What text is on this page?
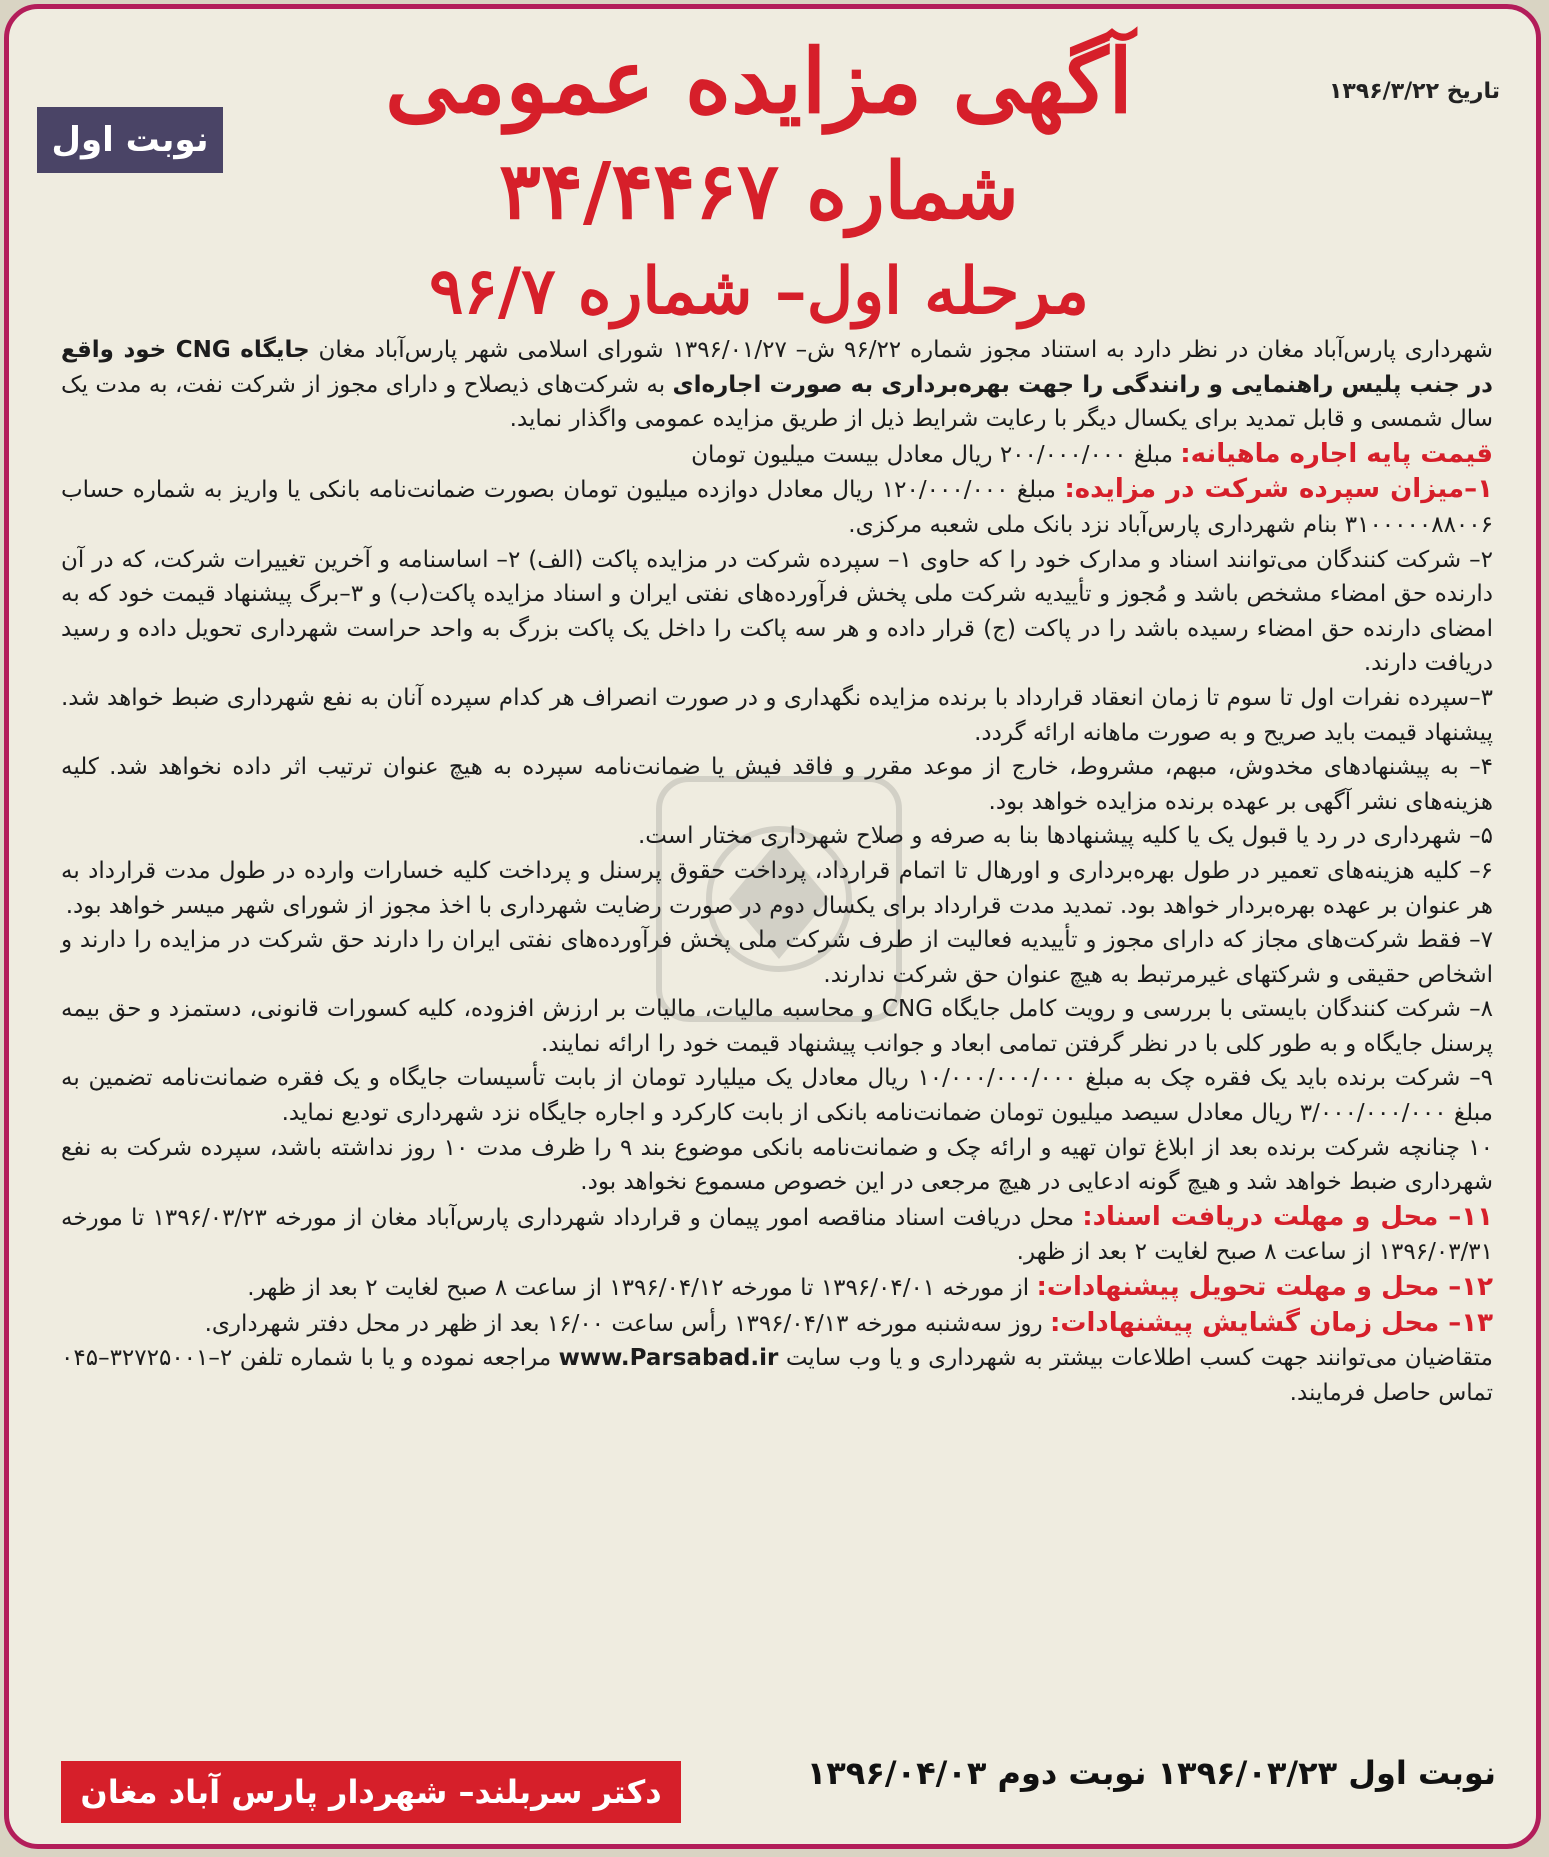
تاریخ ۱۳۹۶/۳/۲۲
نوبت اول
آگهی مزایده عمومی
شماره ۳۴/۴۴۶۷
مرحله اول– شماره ۹۶/۷

شهرداری پارس‌آباد مغان در نظر دارد به استناد مجوز شماره ۹۶/۲۲ ش– ۱۳۹۶/۰۱/۲۷ شورای اسلامی شهر پارس‌آباد مغان جایگاه CNG خود واقع در جنب پلیس راهنمایی و رانندگی را جهت بهره‌برداری به صورت اجاره‌ای به شرکت‌های ذیصلاح و دارای مجوز از شرکت نفت، به مدت یک سال شمسی و قابل تمدید برای یکسال دیگر با رعایت شرایط ذیل از طریق مزایده عمومی واگذار نماید.

قیمت پایه اجاره ماهیانه: مبلغ ۲۰۰/۰۰۰/۰۰۰ ریال معادل بیست میلیون تومان

۱–میزان سپرده شرکت در مزایده: مبلغ ۱۲۰/۰۰۰/۰۰۰ ریال معادل دوازده میلیون تومان بصورت ضمانت‌نامه بانکی یا واریز به شماره حساب ۳۱۰۰۰۰۰۸۸۰۰۶ بنام شهرداری پارس‌آباد نزد بانک ملی شعبه مرکزی.

۲– شرکت کنندگان می‌توانند اسناد و مدارک خود را که حاوی ۱– سپرده شرکت در مزایده پاکت (الف) ۲– اساسنامه و آخرین تغییرات شرکت، که در آن دارنده حق امضاء مشخص باشد و مُجوز و تأییدیه شرکت ملی پخش فرآورده‌های نفتی ایران و اسناد مزایده پاکت(ب) و ۳–برگ پیشنهاد قیمت خود که به امضای دارنده حق امضاء رسیده باشد را در پاکت (ج) قرار داده و هر سه پاکت را داخل یک پاکت بزرگ به واحد حراست شهرداری تحویل داده و رسید دریافت دارند.

۳–سپرده نفرات اول تا سوم تا زمان انعقاد قرارداد با برنده مزایده نگهداری و در صورت انصراف هر کدام سپرده آنان به نفع شهرداری ضبط خواهد شد. پیشنهاد قیمت باید صریح و به صورت ماهانه ارائه گردد.

۴– به پیشنهادهای مخدوش، مبهم، مشروط، خارج از موعد مقرر و فاقد فیش یا ضمانت‌نامه سپرده به هیچ عنوان ترتیب اثر داده نخواهد شد. کلیه هزینه‌های نشر آگهی بر عهده برنده مزایده خواهد بود.

۵– شهرداری در رد یا قبول یک یا کلیه پیشنهادها بنا به صرفه و صلاح شهرداری مختار است.

۶– کلیه هزینه‌های تعمیر در طول بهره‌برداری و اورهال تا اتمام قرارداد، پرداخت حقوق پرسنل و پرداخت کلیه خسارات وارده در طول مدت قرارداد به هر عنوان بر عهده بهره‌بردار خواهد بود. تمدید مدت قرارداد برای یکسال دوم در صورت رضایت شهرداری با اخذ مجوز از شورای شهر میسر خواهد بود.

۷– فقط شرکت‌های مجاز که دارای مجوز و تأییدیه فعالیت از طرف شرکت ملی پخش فرآورده‌های نفتی ایران را دارند حق شرکت در مزایده را دارند و اشخاص حقیقی و شرکتهای غیرمرتبط به هیچ عنوان حق شرکت ندارند.

۸– شرکت کنندگان بایستی با بررسی و رویت کامل جایگاه CNG و محاسبه مالیات، مالیات بر ارزش افزوده، کلیه کسورات قانونی، دستمزد و حق بیمه پرسنل جایگاه و به طور کلی با در نظر گرفتن تمامی ابعاد و جوانب پیشنهاد قیمت خود را ارائه نمایند.

۹– شرکت برنده باید یک فقره چک به مبلغ ۱۰/۰۰۰/۰۰۰/۰۰۰ ریال معادل یک میلیارد تومان از بابت تأسیسات جایگاه و یک فقره ضمانت‌نامه تضمین به مبلغ ۳/۰۰۰/۰۰۰/۰۰۰ ریال معادل سیصد میلیون تومان ضمانت‌نامه بانکی از بابت کارکرد و اجاره جایگاه نزد شهرداری تودیع نماید.

۱۰ چنانچه شرکت برنده بعد از ابلاغ توان تهیه و ارائه چک و ضمانت‌نامه بانکی موضوع بند ۹ را ظرف مدت ۱۰ روز نداشته باشد، سپرده شرکت به نفع شهرداری ضبط خواهد شد و هیچ گونه ادعایی در هیچ مرجعی در این خصوص مسموع نخواهد بود.

۱۱– محل و مهلت دریافت اسناد: محل دریافت اسناد مناقصه امور پیمان و قرارداد شهرداری پارس‌آباد مغان از مورخه ۱۳۹۶/۰۳/۲۳ تا مورخه ۱۳۹۶/۰۳/۳۱ از ساعت ۸ صبح لغایت ۲ بعد از ظهر.

۱۲– محل و مهلت تحویل پیشنهادات: از مورخه ۱۳۹۶/۰۴/۰۱ تا مورخه ۱۳۹۶/۰۴/۱۲ از ساعت ۸ صبح لغایت ۲ بعد از ظهر.

۱۳– محل زمان گشایش پیشنهادات: روز سه‌شنبه مورخه ۱۳۹۶/۰۴/۱۳ رأس ساعت ۱۶/۰۰ بعد از ظهر در محل دفتر شهرداری.

متقاضیان می‌توانند جهت کسب اطلاعات بیشتر به شهرداری و یا وب سایت www.Parsabad.ir مراجعه نموده و یا با شماره تلفن ۲–۳۲۷۲۵۰۰۱–۰۴۵ تماس حاصل فرمایند.

نوبت اول ۱۳۹۶/۰۳/۲۳ نوبت دوم ۱۳۹۶/۰۴/۰۳
دکتر سربلند– شهردار پارس آباد مغان
